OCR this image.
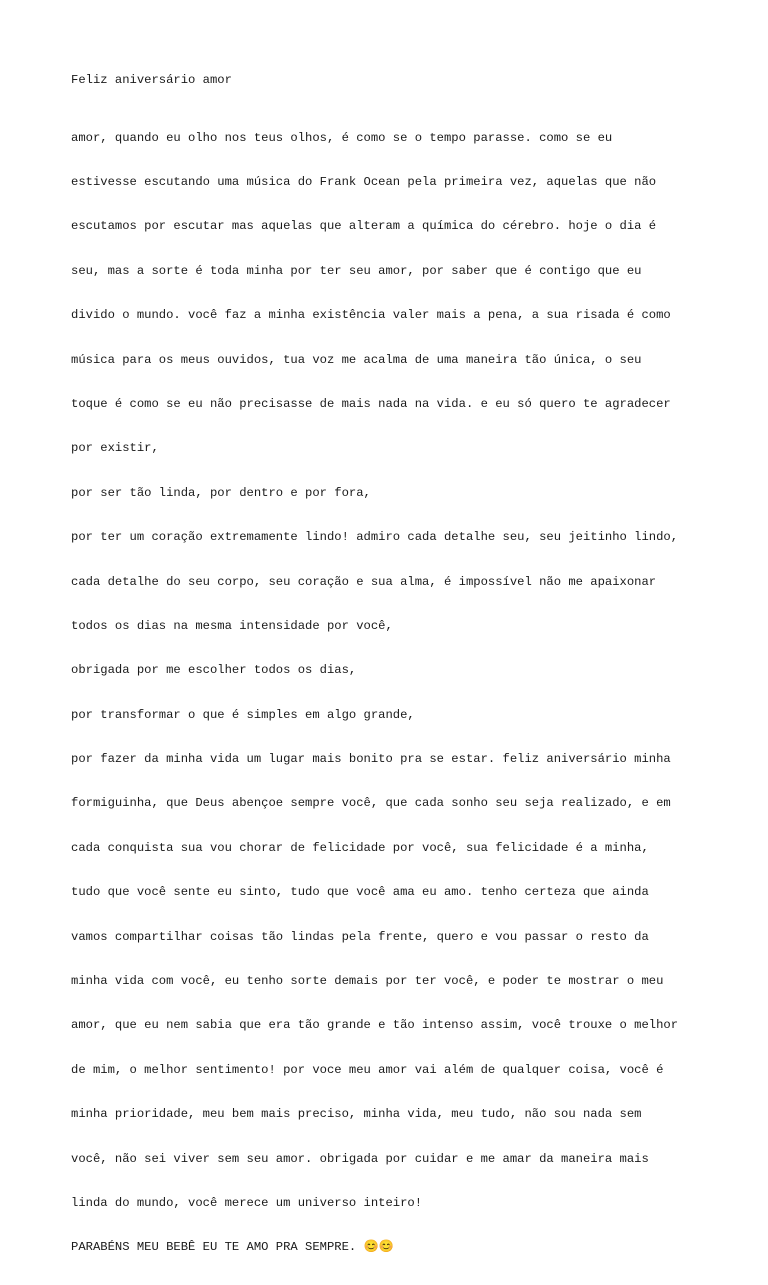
Feliz aniversário amor

amor, quando eu olho nos teus olhos, é como se o tempo parasse. como se eu

estivesse escutando uma música do Frank Ocean pela primeira vez, aquelas que não

escutamos por escutar mas aquelas que alteram a química do cérebro. hoje o dia é

seu, mas a sorte é toda minha por ter seu amor, por saber que é contigo que eu

divido o mundo. você faz a minha existência valer mais a pena, a sua risada é como

música para os meus ouvidos, tua voz me acalma de uma maneira tão única, o seu

toque é como se eu não precisasse de mais nada na vida. e eu só quero te agradecer

por existir,

por ser tão linda, por dentro e por fora,

por ter um coração extremamente lindo! admiro cada detalhe seu, seu jeitinho lindo,

cada detalhe do seu corpo, seu coração e sua alma, é impossível não me apaixonar

todos os dias na mesma intensidade por você,

obrigada por me escolher todos os dias,

por transformar o que é simples em algo grande,

por fazer da minha vida um lugar mais bonito pra se estar. feliz aniversário minha

formiguinha, que Deus abençoe sempre você, que cada sonho seu seja realizado, e em

cada conquista sua vou chorar de felicidade por você, sua felicidade é a minha,

tudo que você sente eu sinto, tudo que você ama eu amo. tenho certeza que ainda

vamos compartilhar coisas tão lindas pela frente, quero e vou passar o resto da

minha vida com você, eu tenho sorte demais por ter você, e poder te mostrar o meu

amor, que eu nem sabia que era tão grande e tão intenso assim, você trouxe o melhor

de mim, o melhor sentimento! por voce meu amor vai além de qualquer coisa, você é

minha prioridade, meu bem mais preciso, minha vida, meu tudo, não sou nada sem

você, não sei viver sem seu amor. obrigada por cuidar e me amar da maneira mais

linda do mundo, você merece um universo inteiro!

PARABÉNS MEU BEBÊ EU TE AMO PRA SEMPRE. 😊😊
